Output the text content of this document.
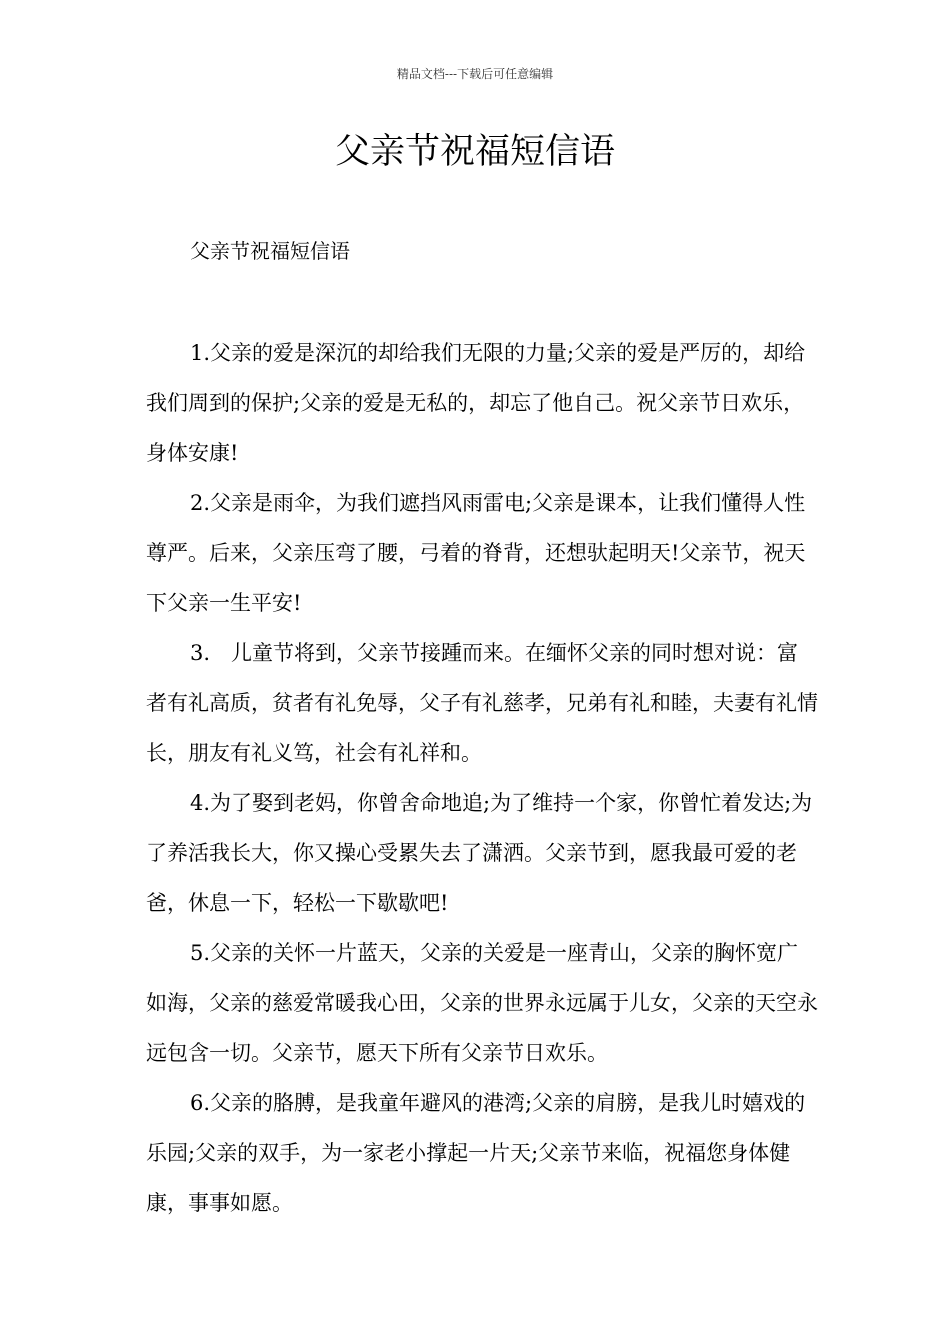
精品文档---下载后可任意编辑
父亲节祝福短信语
父亲节祝福短信语

1.父亲的爱是深沉的却给我们无限的力量;父亲的爱是严厉的，却给我们周到的保护;父亲的爱是无私的，却忘了他自己。祝父亲节日欢乐，身体安康!

2.父亲是雨伞，为我们遮挡风雨雷电;父亲是课本，让我们懂得人性尊严。后来，父亲压弯了腰，弓着的脊背，还想驮起明天!父亲节，祝天下父亲一生平安!

3.　儿童节将到，父亲节接踵而来。在缅怀父亲的同时想对说：富者有礼高质，贫者有礼免辱，父子有礼慈孝，兄弟有礼和睦，夫妻有礼情长，朋友有礼义笃，社会有礼祥和。

4.为了娶到老妈，你曾舍命地追;为了维持一个家，你曾忙着发达;为了养活我长大，你又操心受累失去了潇洒。父亲节到，愿我最可爱的老爸，休息一下，轻松一下歇歇吧!

5.父亲的关怀一片蓝天，父亲的关爱是一座青山，父亲的胸怀宽广如海，父亲的慈爱常暖我心田，父亲的世界永远属于儿女，父亲的天空永远包含一切。父亲节，愿天下所有父亲节日欢乐。

6.父亲的胳膊，是我童年避风的港湾;父亲的肩膀，是我儿时嬉戏的乐园;父亲的双手，为一家老小撑起一片天;父亲节来临，祝福您身体健康，事事如愿。
